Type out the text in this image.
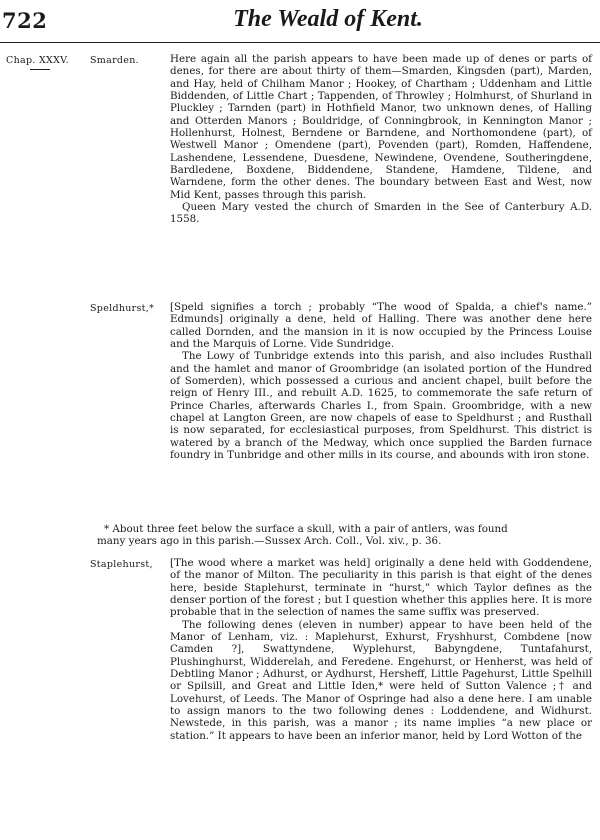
722	The Weald of Kent.
Chap. XXXV. Smarden.	Here again all the parish appears to have been made up of denes or parts of denes, for there are about thirty of them—Smarden, Kingsden (part), Marden, and Hay, held of Chilham Manor ; Hookey, of Chartham ; Uddenham and Little Biddenden, of Little Chart ; Tappenden, of Throwley ; Holmhurst, of Shurland in Pluckley ; Tarnden (part) in Hothfield Manor, two unknown denes, of Halling and Otterden Manors ; Bouldridge, of Conningbrook, in Kennington Manor ; Hollenhurst, Holnest, Berndene or Barndene, and Northomondene (part), of Westwell Manor ; Omendene (part), Povenden (part), Romden, Haffendene, Lashendene, Lessendene, Duesdene, Newindene, Ovendene, Southeringdene, Bardledene, Boxdene, Biddendene, Standene, Hamdene, Tildene, and Warndene, form the other denes. The boundary between East and West, now Mid Kent, passes through this parish.

Queen Mary vested the church of Smarden in the See of Canterbury A.D. 1558.

Speldhurst,* [Speld signifies a torch ; probably “The wood of Spalda, a chief's name.” Edmunds] originally a dene, held of Halling. There was another dene here called Dornden, and the mansion in it is now occupied by the Princess Louise and the Marquis of Lorne. Vide Sundridge.

The Lowy of Tunbridge extends into this parish, and also includes Rusthall and the hamlet and manor of Groombridge (an isolated portion of the Hundred of Somerden), which possessed a curious and ancient chapel, built before the reign of Henry III., and rebuilt A.D. 1625, to commemorate the safe return of Prince Charles, afterwards Charles I., from Spain. Groombridge, with a new chapel at Langton Green, are now chapels of ease to Speldhurst ; and Rusthall is now separated, for ecclesiastical purposes, from Speldhurst. This district is watered by a branch of the Medway, which once supplied the Barden furnace foundry in Tunbridge and other mills in its course, and abounds with iron stone.

* About three feet below the surface a skull, with a pair of antlers, was found

many years ago in this parish.—Sussex Arch. Coll., Vol. xiv., p. 36.

Staplehurst, [The wood where a market was held] originally a dene held with Goddendene, of the manor of Milton. The peculiarity in this parish is that eight of the denes here, beside Staplehurst, terminate in “hurst,” which Taylor defines as the denser portion of the forest ; but I question whether this applies here. It is more probable that in the selection of names the same suffix was preserved.

The following denes (eleven in number) appear to have been held of the Manor of Lenham, viz. : Maplehurst, Exhurst, Fryshhurst, Combdene [now Camden ?], Swattyndene, Wyplehurst, Babyngdene, Tuntafahurst, Plushinghurst, Widderelah, and Feredene. Engehurst, or Henherst, was held of Debtling Manor ; Adhurst, or Aydhurst, Hersheff, Little Pagehurst, Little Spelhill or Spilsill, and Great and Little Iden,* were held of Sutton Valence ;† and Lovehurst, of Leeds. The Manor of Ospringe had also a dene here. I am unable to assign manors to the two following denes : Loddendene, and Widhurst. Newstede, in this parish, was a manor ; its name implies “a new place or station.” It appears to have been an inferior manor, held by Lord Wotton of the
